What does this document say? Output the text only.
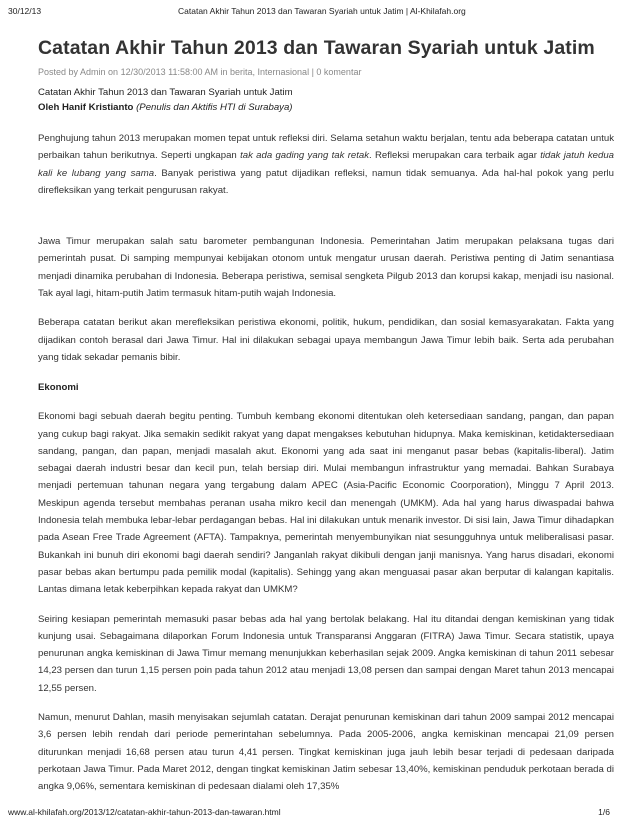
30/12/13	Catatan Akhir Tahun 2013 dan Tawaran Syariah untuk Jatim | Al-Khilafah.org
Catatan Akhir Tahun 2013 dan Tawaran Syariah untuk Jatim
Posted by Admin on 12/30/2013 11:58:00 AM in berita, Internasional | 0 komentar
Catatan Akhir Tahun 2013 dan Tawaran Syariah untuk Jatim
Oleh Hanif Kristianto (Penulis dan Aktifis HTI di Surabaya)

Penghujung tahun 2013 merupakan momen tepat untuk refleksi diri. Selama setahun waktu berjalan, tentu ada beberapa catatan untuk perbaikan tahun berikutnya. Seperti ungkapan tak ada gading yang tak retak. Refleksi merupakan cara terbaik agar tidak jatuh kedua kali ke lubang yang sama. Banyak peristiwa yang patut dijadikan refleksi, namun tidak semuanya. Ada hal-hal pokok yang perlu direfleksikan yang terkait pengurusan rakyat.

Jawa Timur merupakan salah satu barometer pembangunan Indonesia. Pemerintahan Jatim merupakan pelaksana tugas dari pemerintah pusat. Di samping mempunyai kebijakan otonom untuk mengatur urusan daerah. Peristiwa penting di Jatim senantiasa menjadi dinamika perubahan di Indonesia. Beberapa peristiwa, semisal sengketa Pilgub 2013 dan korupsi kakap, menjadi isu nasional. Tak ayal lagi, hitam-putih Jatim termasuk hitam-putih wajah Indonesia.

Beberapa catatan berikut akan merefleksikan peristiwa ekonomi, politik, hukum, pendidikan, dan sosial kemasyarakatan. Fakta yang dijadikan contoh berasal dari Jawa Timur. Hal ini dilakukan sebagai upaya membangun Jawa Timur lebih baik. Serta ada perubahan yang tidak sekadar pemanis bibir.

Ekonomi

Ekonomi bagi sebuah daerah begitu penting. Tumbuh kembang ekonomi ditentukan oleh ketersediaan sandang, pangan, dan papan yang cukup bagi rakyat. Jika semakin sedikit rakyat yang dapat mengakses kebutuhan hidupnya. Maka kemiskinan, ketidaktersediaan sandang, pangan, dan papan, menjadi masalah akut. Ekonomi yang ada saat ini menganut pasar bebas (kapitalis-liberal). Jatim sebagai daerah industri besar dan kecil pun, telah bersiap diri. Mulai membangun infrastruktur yang memadai. Bahkan Surabaya menjadi pertemuan tahunan negara yang tergabung dalam APEC (Asia-Pacific Economic Coorporation), Minggu 7 April 2013. Meskipun agenda tersebut membahas peranan usaha mikro kecil dan menengah (UMKM). Ada hal yang harus diwaspadai bahwa Indonesia telah membuka lebar-lebar perdagangan bebas. Hal ini dilakukan untuk menarik investor. Di sisi lain, Jawa Timur dihadapkan pada Asean Free Trade Agreement (AFTA). Tampaknya, pemerintah menyembunyikan niat sesungguhnya untuk meliberalisasi pasar. Bukankah ini bunuh diri ekonomi bagi daerah sendiri? Janganlah rakyat dikibuli dengan janji manisnya. Yang harus disadari, ekonomi pasar bebas akan bertumpu pada pemilik modal (kapitalis). Sehingg yang akan menguasai pasar akan berputar di kalangan kapitalis. Lantas dimana letak keberpihkan kepada rakyat dan UMKM?

Seiring kesiapan pemerintah memasuki pasar bebas ada hal yang bertolak belakang. Hal itu ditandai dengan kemiskinan yang tidak kunjung usai. Sebagaimana dilaporkan Forum Indonesia untuk Transparansi Anggaran (FITRA) Jawa Timur. Secara statistik, upaya penurunan angka kemiskinan di Jawa Timur memang menunjukkan keberhasilan sejak 2009. Angka kemiskinan di tahun 2011 sebesar 14,23 persen dan turun 1,15 persen poin pada tahun 2012 atau menjadi 13,08 persen dan sampai dengan Maret tahun 2013 mencapai 12,55 persen.

Namun, menurut Dahlan, masih menyisakan sejumlah catatan. Derajat penurunan kemiskinan dari tahun 2009 sampai 2012 mencapai 3,6 persen lebih rendah dari periode pemerintahan sebelumnya. Pada 2005-2006, angka kemiskinan mencapai 21,09 persen diturunkan menjadi 16,68 persen atau turun 4,41 persen. Tingkat kemiskinan juga jauh lebih besar terjadi di pedesaan daripada perkotaan Jawa Timur. Pada Maret 2012, dengan tingkat kemiskinan Jatim sebesar 13,40%, kemiskinan penduduk perkotaan berada di angka 9,06%, sementara kemiskinan di pedesaan dialami oleh 17,35%

www.al-khilafah.org/2013/12/catatan-akhir-tahun-2013-dan-tawaran.html	1/6
